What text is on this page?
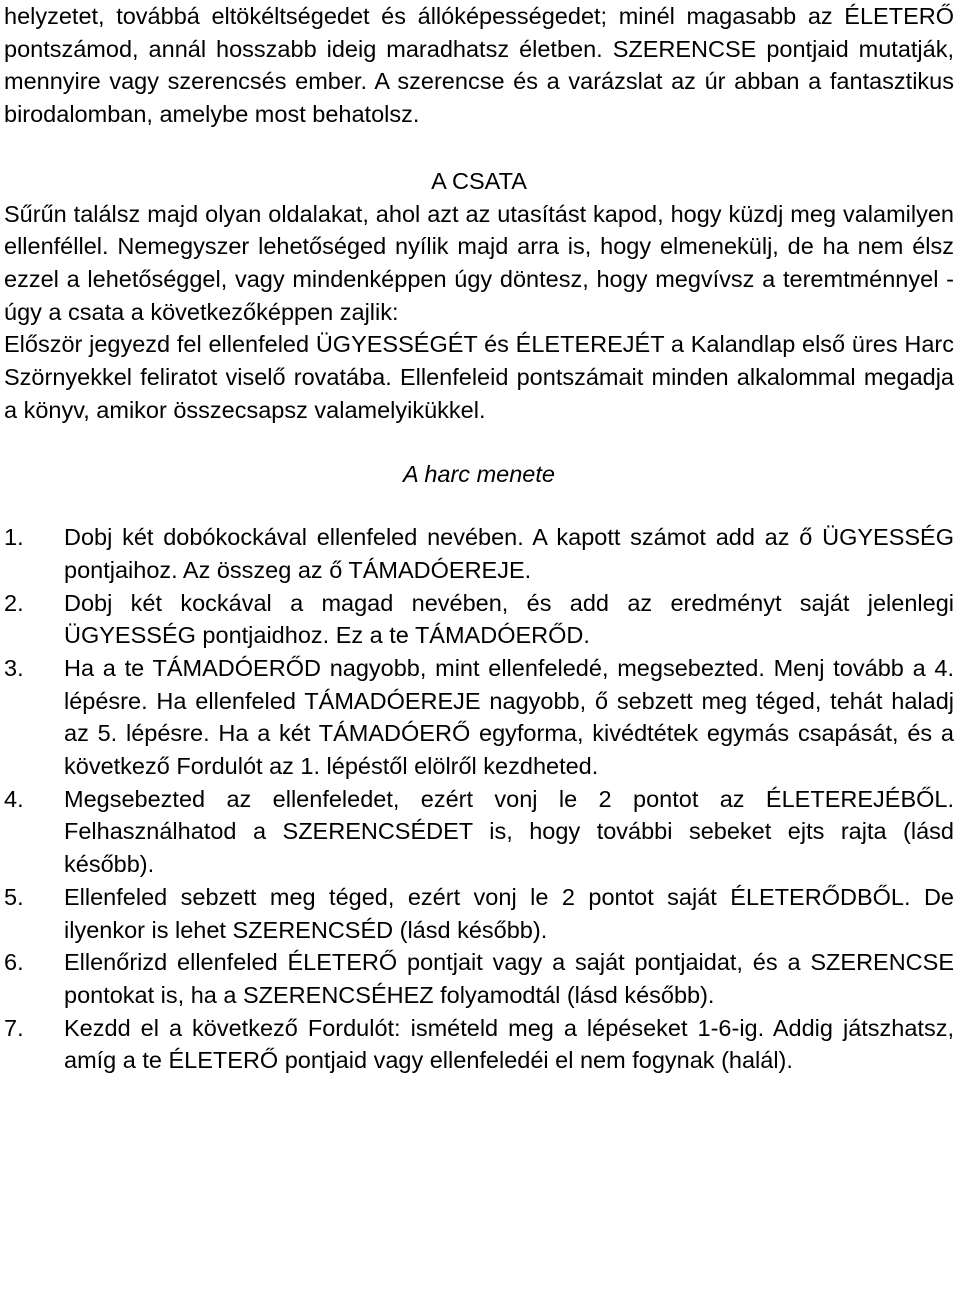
helyzetet, továbbá eltökéltségedet és állóképességedet; minél magasabb az ÉLETERŐ pontszámod, annál hosszabb ideig maradhatsz életben. SZERENCSE pontjaid mutatják, mennyire vagy szerencsés ember. A szerencse és a varázslat az úr abban a fantasztikus birodalomban, amelybe most behatolsz.

A CSATA

Sűrűn találsz majd olyan oldalakat, ahol azt az utasítást kapod, hogy küzdj meg valamilyen ellenféllel. Nemegyszer lehetőséged nyílik majd arra is, hogy elmenekülj, de ha nem élsz ezzel a lehetőséggel, vagy mindenképpen úgy döntesz, hogy megvívsz a teremtménnyel - úgy a csata a következőképpen zajlik:

Először jegyezd fel ellenfeled ÜGYESSÉGÉT és ÉLETEREJÉT a Kalandlap első üres Harc Szörnyekkel feliratot viselő rovatába. Ellenfeleid pontszámait minden alkalommal megadja a könyv, amikor összecsapsz valamelyikükkel.

A harc menete
1.	Dobj két dobókockával ellenfeled nevében. A kapott számot add az ő ÜGYESSÉG pontjaihoz. Az összeg az ő TÁMADÓEREJE.
2.	Dobj két kockával a magad nevében, és add az eredményt saját jelenlegi ÜGYESSÉG pontjaidhoz. Ez a te TÁMADÓERŐD.
3.	Ha a te TÁMADÓERŐD nagyobb, mint ellenfeledé, megsebezted. Menj tovább a 4. lépésre. Ha ellenfeled TÁMADÓEREJE nagyobb, ő sebzett meg téged, tehát haladj az 5. lépésre. Ha a két TÁMADÓERŐ egyforma, kivédtétek egymás csapását, és a következő Fordulót az 1. lépéstől elölről kezdheted.
4.	Megsebezted az ellenfeledet, ezért vonj le 2 pontot az ÉLETEREJÉBŐL. Felhasználhatod a SZERENCSÉDET is, hogy további sebeket ejts rajta (lásd később).
5.	Ellenfeled sebzett meg téged, ezért vonj le 2 pontot saját ÉLETERŐDBŐL. De ilyenkor is lehet SZERENCSÉD (lásd később).
6.	Ellenőrizd ellenfeled ÉLETERŐ pontjait vagy a saját pontjaidat, és a SZERENCSE pontokat is, ha a SZERENCSÉHEZ folyamodtál (lásd később).
7.	Kezdd el a következő Fordulót: ismételd meg a lépéseket 1-6-ig. Addig játszhatsz, amíg a te ÉLETERŐ pontjaid vagy ellenfeledéi el nem fogynak (halál).
